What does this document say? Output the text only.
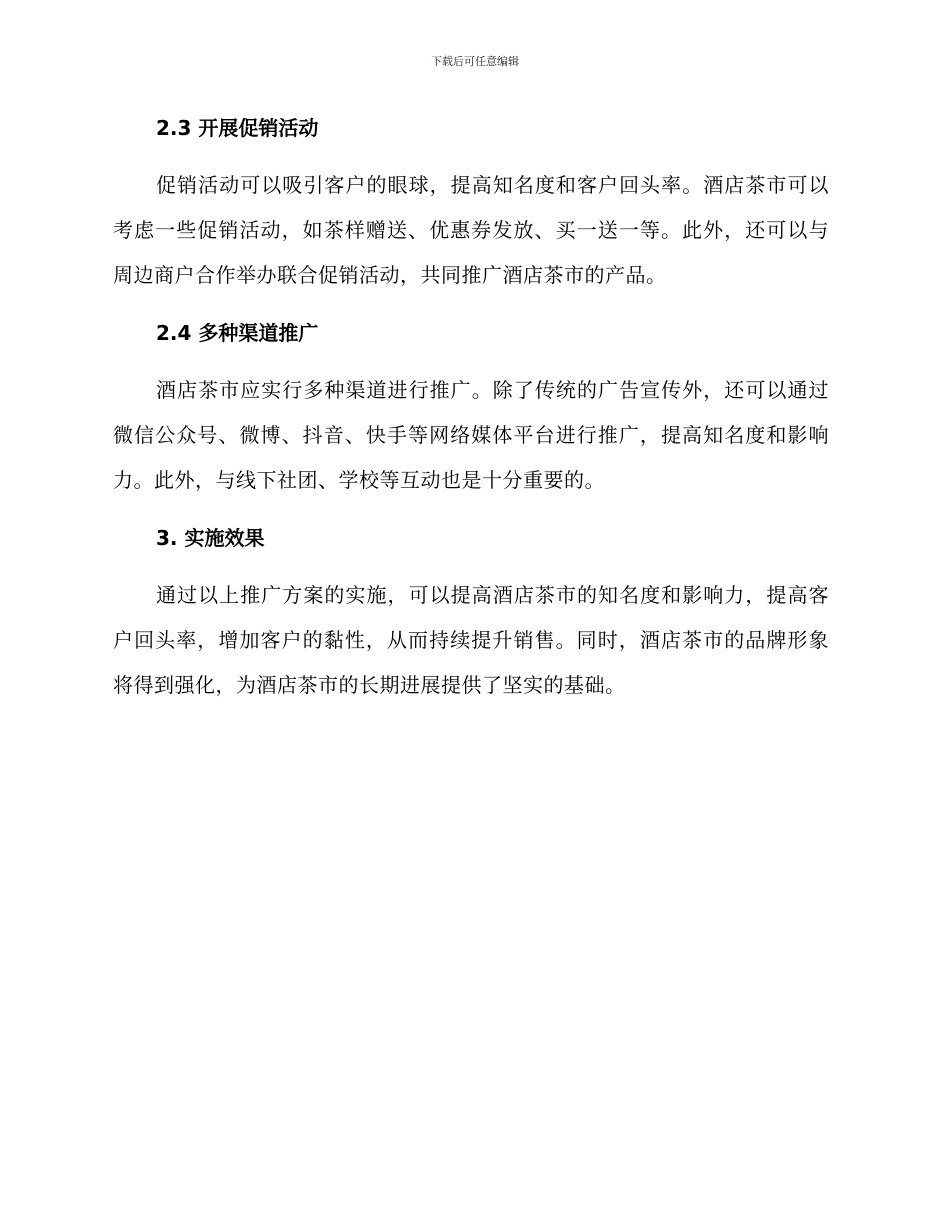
下载后可任意编辑
2.3 开展促销活动

促销活动可以吸引客户的眼球，提高知名度和客户回头率。酒店茶市可以考虑一些促销活动，如茶样赠送、优惠券发放、买一送一等。此外，还可以与周边商户合作举办联合促销活动，共同推广酒店茶市的产品。

2.4 多种渠道推广

酒店茶市应实行多种渠道进行推广。除了传统的广告宣传外，还可以通过微信公众号、微博、抖音、快手等网络媒体平台进行推广，提高知名度和影响力。此外，与线下社团、学校等互动也是十分重要的。

3. 实施效果

通过以上推广方案的实施，可以提高酒店茶市的知名度和影响力，提高客户回头率，增加客户的黏性，从而持续提升销售。同时，酒店茶市的品牌形象将得到强化，为酒店茶市的长期进展提供了坚实的基础。
